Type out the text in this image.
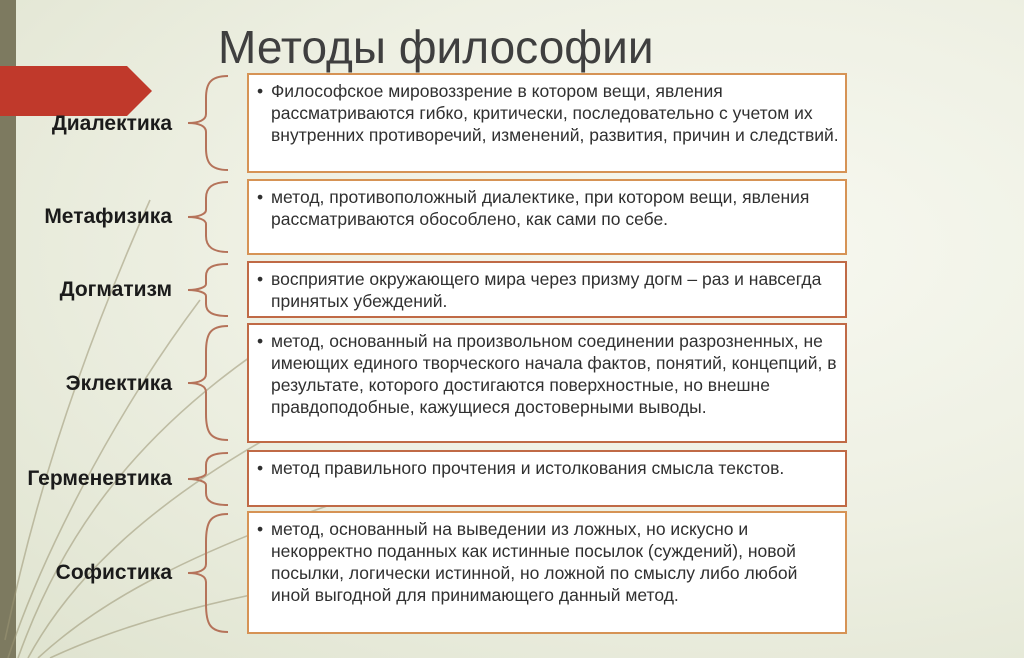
Методы философии
Диалектика
• Философское мировоззрение в котором вещи, явления рассматриваются гибко, критически, последовательно с учетом их внутренних противоречий, изменений, развития, причин и следствий.
Метафизика
• метод, противоположный диалектике, при котором вещи, явления рассматриваются обособлено, как сами по себе.
Догматизм	• восприятие окружающего мира через призму догм – раз и навсегда принятых убеждений.
Эклектика
• метод, основанный на произвольном соединении разрозненных, не имеющих единого творческого начала фактов, понятий, концепций, в результате, которого достигаются поверхностные, но внешне правдоподобные, кажущиеся достоверными выводы.
Герменевтика	• метод правильного прочтения и истолкования смысла текстов.
Софистика
• метод, основанный на выведении из ложных, но искусно и некорректно поданных как истинные посылок (суждений), новой посылки, логически истинной, но ложной по смыслу либо любой иной выгодной для принимающего данный метод.
